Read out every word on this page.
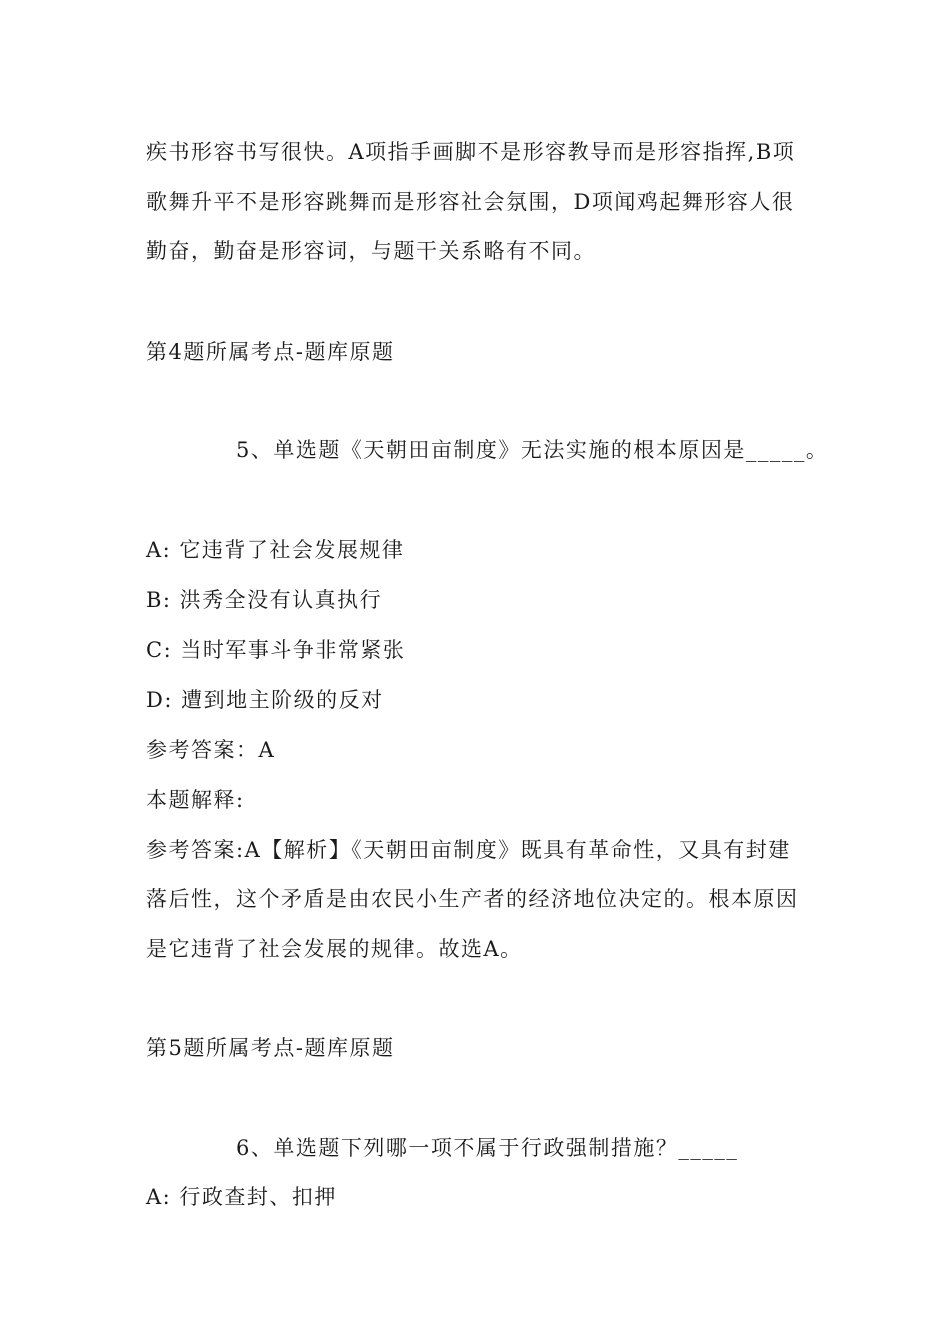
疾书形容书写很快。A项指手画脚不是形容教导而是形容指挥,B项
歌舞升平不是形容跳舞而是形容社会氛围，D项闻鸡起舞形容人很
勤奋，勤奋是形容词，与题干关系略有不同。
第4题所属考点-题库原题
5、单选题《天朝田亩制度》无法实施的根本原因是_____。
A: 它违背了社会发展规律
B: 洪秀全没有认真执行
C: 当时军事斗争非常紧张
D: 遭到地主阶级的反对
参考答案：A
本题解释:
参考答案:A【解析】《天朝田亩制度》既具有革命性，又具有封建
落后性，这个矛盾是由农民小生产者的经济地位决定的。根本原因
是它违背了社会发展的规律。故选A。
第5题所属考点-题库原题
6、单选题下列哪一项不属于行政强制措施？_____
A: 行政查封、扣押
